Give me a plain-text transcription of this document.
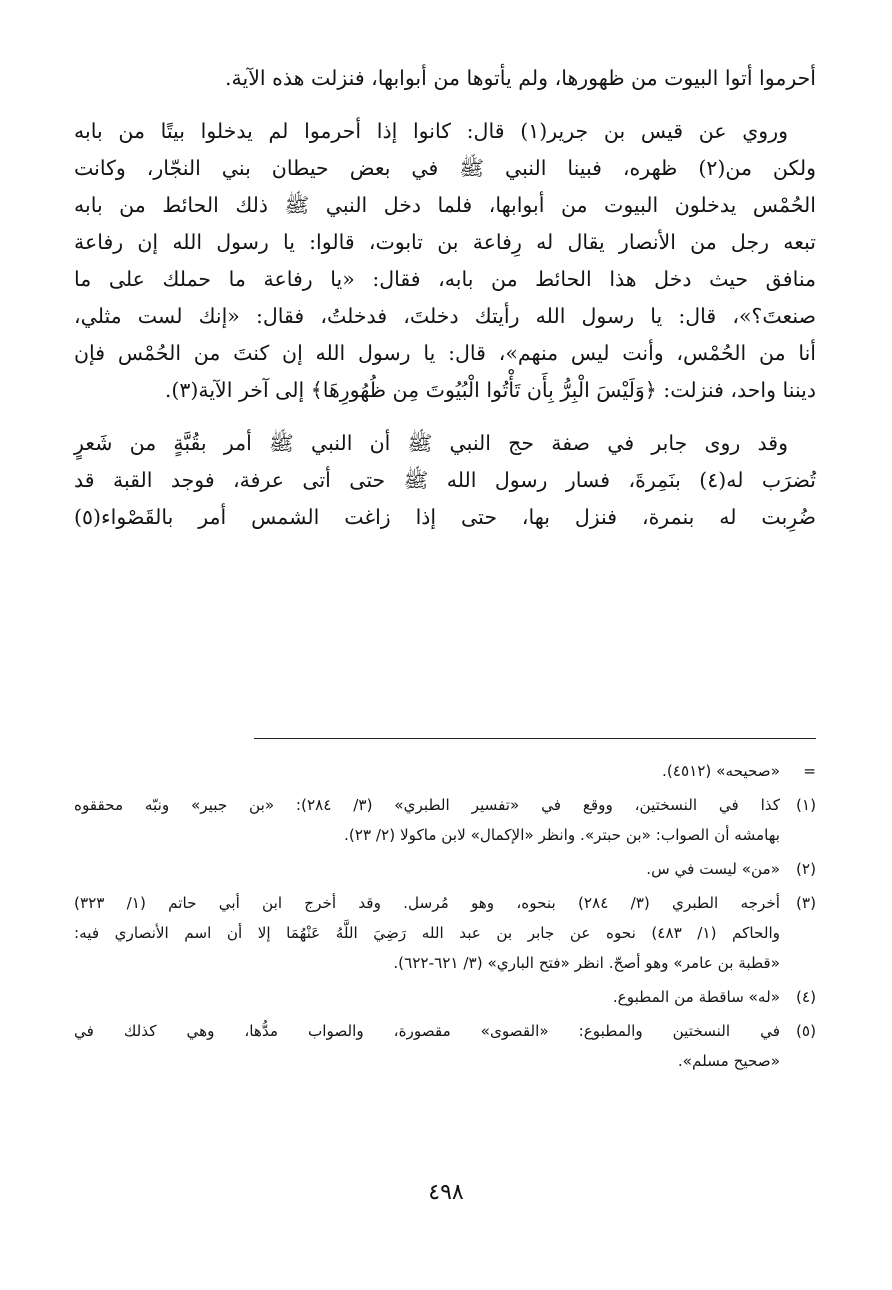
أحرموا أتوا البيوت من ظهورها، ولم يأتوها من أبوابها، فنزلت هذه الآية.
وروي عن قيس بن جرير(١) قال: كانوا إذا أحرموا لم يدخلوا بيتًا من بابه
ولكن من(٢) ظهره، فبينا النبي ﷺ في بعض حيطان بني النجّار، وكانت
الحُمْس يدخلون البيوت من أبوابها، فلما دخل النبي ﷺ ذلك الحائط من بابه
تبعه رجل من الأنصار يقال له رِفاعة بن تابوت، قالوا: يا رسول الله إن رفاعة
منافق حيث دخل هذا الحائط من بابه، فقال: «يا رفاعة ما حملك على ما
صنعتَ؟»، قال: يا رسول الله رأيتك دخلتَ، فدخلتُ، فقال: «إنك لست مثلي،
أنا من الحُمْس، وأنت ليس منهم»، قال: يا رسول الله إن كنتَ من الحُمْس فإن
ديننا واحد، فنزلت: ﴿وَلَيْسَ الْبِرُّ بِأَن تَأْتُوا الْبُيُوتَ مِن ظُهُورِهَا﴾ إلى آخر الآية(٣).
وقد روى جابر في صفة حج النبي ﷺ أن النبي ﷺ أمر بقُبَّةٍ من شَعرٍ
تُضرَب له(٤) بنَمِرةَ، فسار رسول الله ﷺ حتى أتى عرفة، فوجد القبة قد
ضُرِبت له بنمرة، فنزل بها، حتى إذا زاغت الشمس أمر بالقَصْواء(٥)
=
«صحيحه» (٤٥١٢).
(١)
كذا في النسختين، ووقع في «تفسير الطبري» (٣/ ٢٨٤): «بن جبير» ونبّه محققوه
بهامشه أن الصواب: «بن حبتر». وانظر «الإكمال» لابن ماكولا (٢/ ٢٣).
(٢)
«من» ليست في س.
(٣)
أخرجه الطبري (٣/ ٢٨٤) بنحوه، وهو مُرسل. وقد أخرج ابن أبي حاتم (١/ ٣٢٣)
والحاكم (١/ ٤٨٣) نحوه عن جابر بن عبد الله رَضِيَ اللَّهُ عَنْهُمَا إلا أن اسم الأنصاري فيه:
«قطبة بن عامر» وهو أصحّ. انظر «فتح الباري» (٣/ ٦٢١-٦٢٢).
(٤)
«له» ساقطة من المطبوع.
(٥)
في النسختين والمطبوع: «القصوى» مقصورة، والصواب مدُّها، وهي كذلك في
«صحيح مسلم».
٤٩٨
